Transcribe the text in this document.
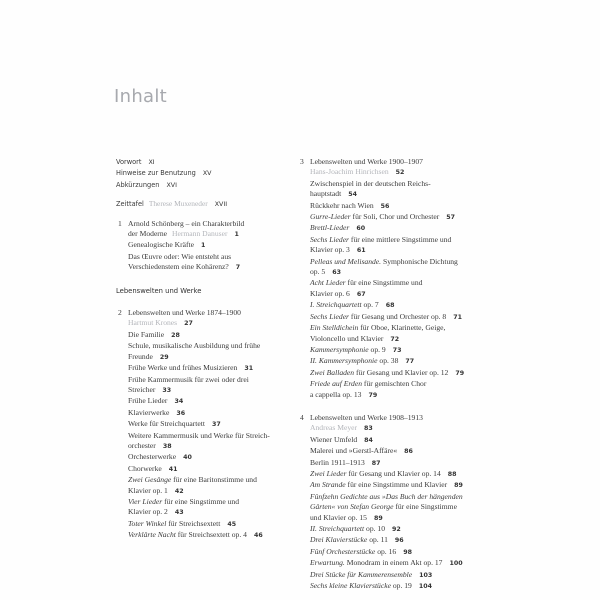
Inhalt
Vorwort XI
Hinweise zur Benutzung XV
Abkürzungen XVI
Zeittafel Therese Muxeneder XVII
1 Arnold Schönberg – ein Charakterbild
der Moderne Hermann Danuser 1
Genealogische Kräfte 1
Das Œuvre oder: Wie entsteht aus
Verschiedenstem eine Kohärenz? 7
Lebenswelten und Werke
2 Lebenswelten und Werke 1874–1900
Hartmut Krones 27
Die Familie 28
Schule, musikalische Ausbildung und frühe
Freunde 29
Frühe Werke und frühes Musizieren 31
Frühe Kammermusik für zwei oder drei
Streicher 33
Frühe Lieder 34
Klavierwerke 36
Werke für Streichquartett 37
Weitere Kammermusik und Werke für Streich-
orchester 38
Orchesterwerke 40
Chorwerke 41
Zwei Gesänge für eine Baritonstimme und
Klavier op. 1 42
Vier Lieder für eine Singstimme und
Klavier op. 2 43
Toter Winkel für Streichsextett 45
Verklärte Nacht für Streichsextett op. 4 46
3 Lebenswelten und Werke 1900–1907
Hans-Joachim Hinrichsen 52
Zwischenspiel in der deutschen Reichs-
hauptstadt 54
Rückkehr nach Wien 56
Gurre-Lieder für Soli, Chor und Orchester 57
Brettl-Lieder 60
Sechs Lieder für eine mittlere Singstimme und
Klavier op. 3 61
Pelleas und Melisande. Symphonische Dichtung
op. 5 63
Acht Lieder für eine Singstimme und
Klavier op. 6 67
I. Streichquartett op. 7 68
Sechs Lieder für Gesang und Orchester op. 8 71
Ein Stelldichein für Oboe, Klarinette, Geige,
Violoncello und Klavier 72
Kammersymphonie op. 9 73
II. Kammersymphonie op. 38 77
Zwei Balladen für Gesang und Klavier op. 12 79
Friede auf Erden für gemischten Chor
a cappella op. 13 79
4 Lebenswelten und Werke 1908–1913
Andreas Meyer 83
Wiener Umfeld 84
Malerei und »Gerstl-Affäre« 86
Berlin 1911–1913 87
Zwei Lieder für Gesang und Klavier op. 14 88
Am Strande für eine Singstimme und Klavier 89
Fünfzehn Gedichte aus »Das Buch der hängenden
Gärten« von Stefan George für eine Singstimme
und Klavier op. 15 89
II. Streichquartett op. 10 92
Drei Klavierstücke op. 11 96
Fünf Orchesterstücke op. 16 98
Erwartung. Monodram in einem Akt op. 17 100
Drei Stücke für Kammerensemble 103
Sechs kleine Klavierstücke op. 19 104
